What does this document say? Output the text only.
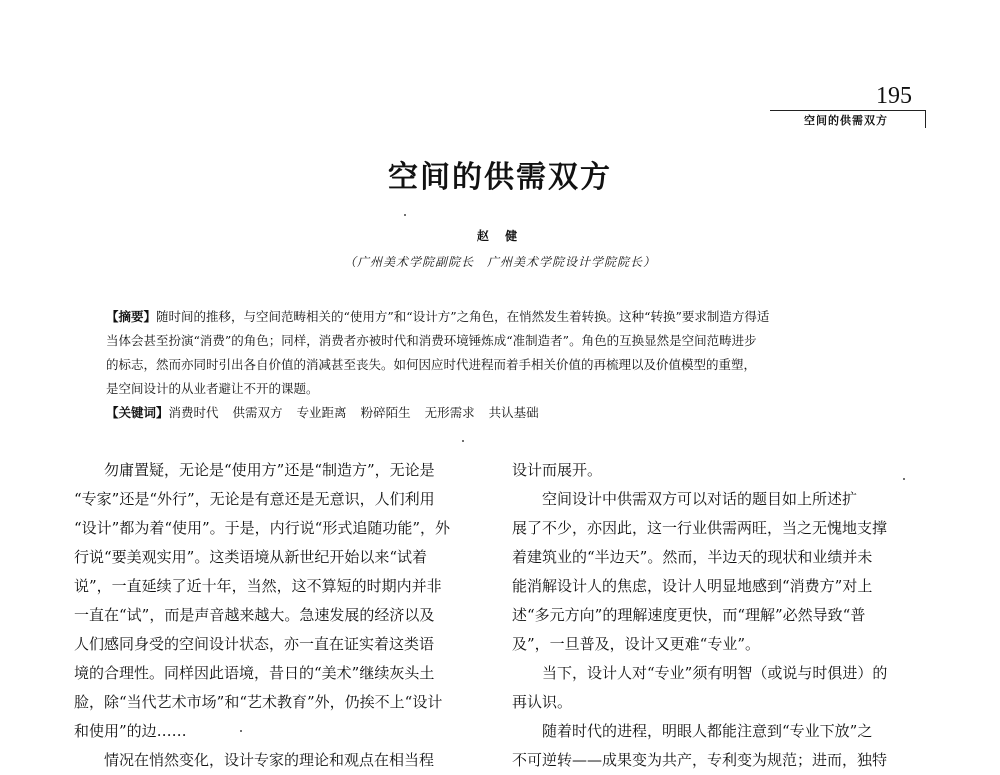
195
空间的供需双方
空间的供需双方
赵 健
（广州美术学院副院长　广州美术学院设计学院院长）
【摘要】随时间的推移，与空间范畴相关的“使用方”和“设计方”之角色，在悄然发生着转换。这种“转换”要求制造方得适
当体会甚至扮演“消费”的角色；同样，消费者亦被时代和消费环境锤炼成“准制造者”。角色的互换显然是空间范畴进步
的标志，然而亦同时引出各自价值的消减甚至丧失。如何因应时代进程而着手相关价值的再梳理以及价值模型的重塑，
是空间设计的从业者避让不开的课题。
【关键词】消费时代 供需双方 专业距离 粉碎陌生 无形需求 共认基础
勿庸置疑，无论是“使用方”还是“制造方”，无论是
“专家”还是“外行”，无论是有意还是无意识，人们利用
“设计”都为着“使用”。于是，内行说“形式追随功能”，外
行说“要美观实用”。这类语境从新世纪开始以来“试着
说”，一直延续了近十年，当然，这不算短的时期内并非
一直在“试”，而是声音越来越大。急速发展的经济以及
人们感同身受的空间设计状态，亦一直在证实着这类语
境的合理性。同样因此语境，昔日的“美术”继续灰头土
脸，除“当代艺术市场”和“艺术教育”外，仍挨不上“设计
和使用”的边……
情况在悄然变化，设计专家的理论和观点在相当程
设计而展开。
空间设计中供需双方可以对话的题目如上所述扩
展了不少，亦因此，这一行业供需两旺，当之无愧地支撑
着建筑业的“半边天”。然而，半边天的现状和业绩并未
能消解设计人的焦虑，设计人明显地感到“消费方”对上
述“多元方向”的理解速度更快，而“理解”必然导致“普
及”，一旦普及，设计又更难“专业”。
当下，设计人对“专业”须有明智（或说与时俱进）的
再认识。
随着时代的进程，明眼人都能注意到“专业下放”之
不可逆转——成果变为共产，专利变为规范；进而，独特
